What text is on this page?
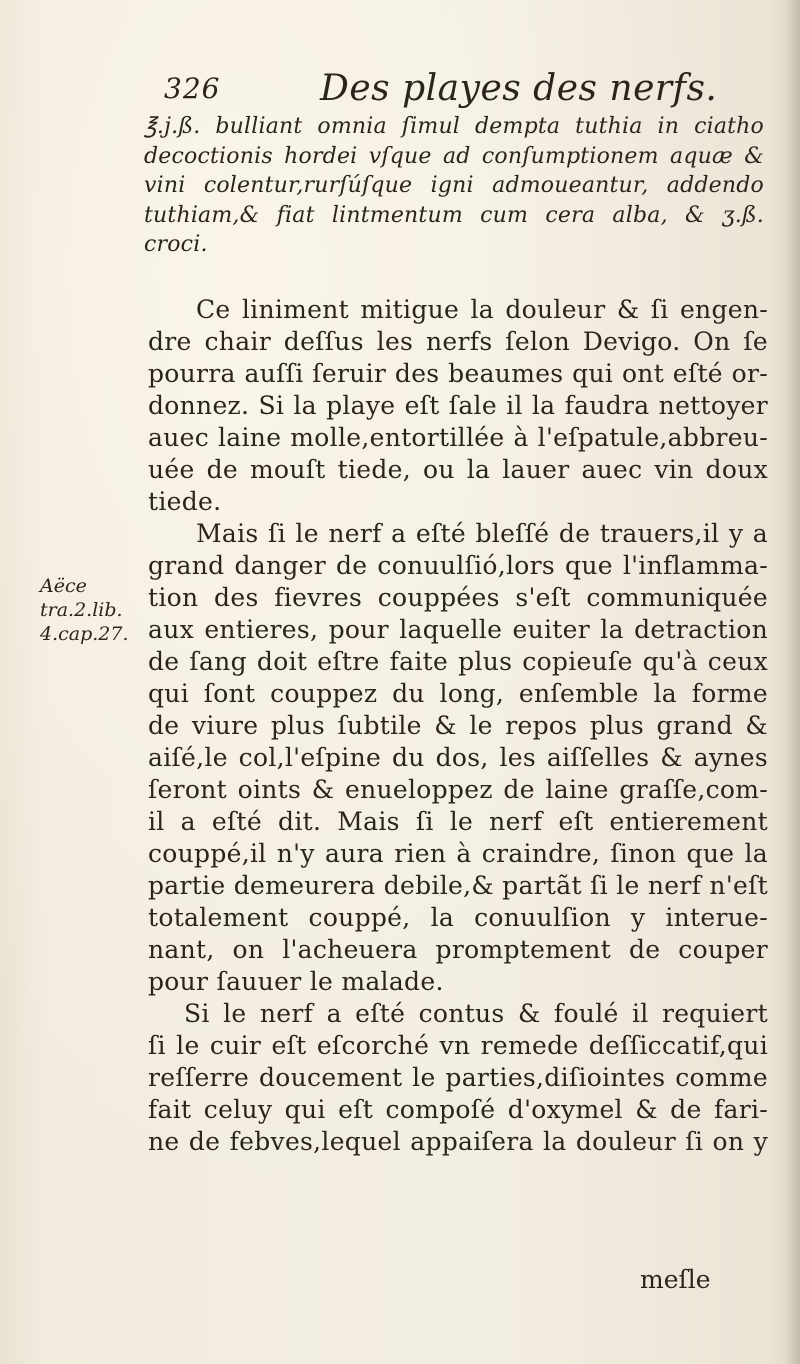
326	Des playes des nerfs.
℥.j.ß. bulliant omnia ſimul dempta tuthia in ciatho
decoctionis hordei vſque ad conſumptionem aquæ &
vini colentur,rurſúſque igni admoueantur, addendo
tuthiam,& fiat lintmentum cum cera alba, & ʒ.ß.
croci.
Ce liniment mitigue la douleur & ſi engen-
dre chair deſſus les nerfs ſelon Devigo. On ſe
pourra auſſi ſeruir des beaumes qui ont eſté or-
donnez. Si la playe eſt ſale il la faudra nettoyer
auec laine molle,entortillée à l'eſpatule,abbreu-
uée de mouſt tiede, ou la lauer auec vin doux
tiede.
Mais ſi le nerf a eſté bleſſé de trauers,il y a
grand danger de conuulſió,lors que l'inflamma-
tion des fievres couppées s'eſt communiquée
aux entieres, pour laquelle euiter la detraction
de ſang doit eſtre faite plus copieuſe qu'à ceux
qui ſont couppez du long, enſemble la forme
de viure plus ſubtile & le repos plus grand &
aiſé,le col,l'eſpine du dos, les aiſſelles & aynes
ſeront oints & enueloppez de laine graſſe,com-
il a eſté dit. Mais ſi le nerf eſt entierement
couppé,il n'y aura rien à craindre, ſinon que la
partie demeurera debile,& partãt ſi le nerf n'eſt
totalement couppé, la conuulſion y interue-
nant, on l'acheuera promptement de couper
pour ſauuer le malade.
Si le nerf a eſté contus & foulé il requiert
ſi le cuir eſt eſcorché vn remede deſſiccatif,qui
reſſerre doucement le parties,diſiointes comme
fait celuy qui eſt compoſé d'oxymel & de fari-
ne de febves,lequel appaiſera la douleur ſi on y
Aëce
tra.2.lib.
4.cap.27.
meſle
